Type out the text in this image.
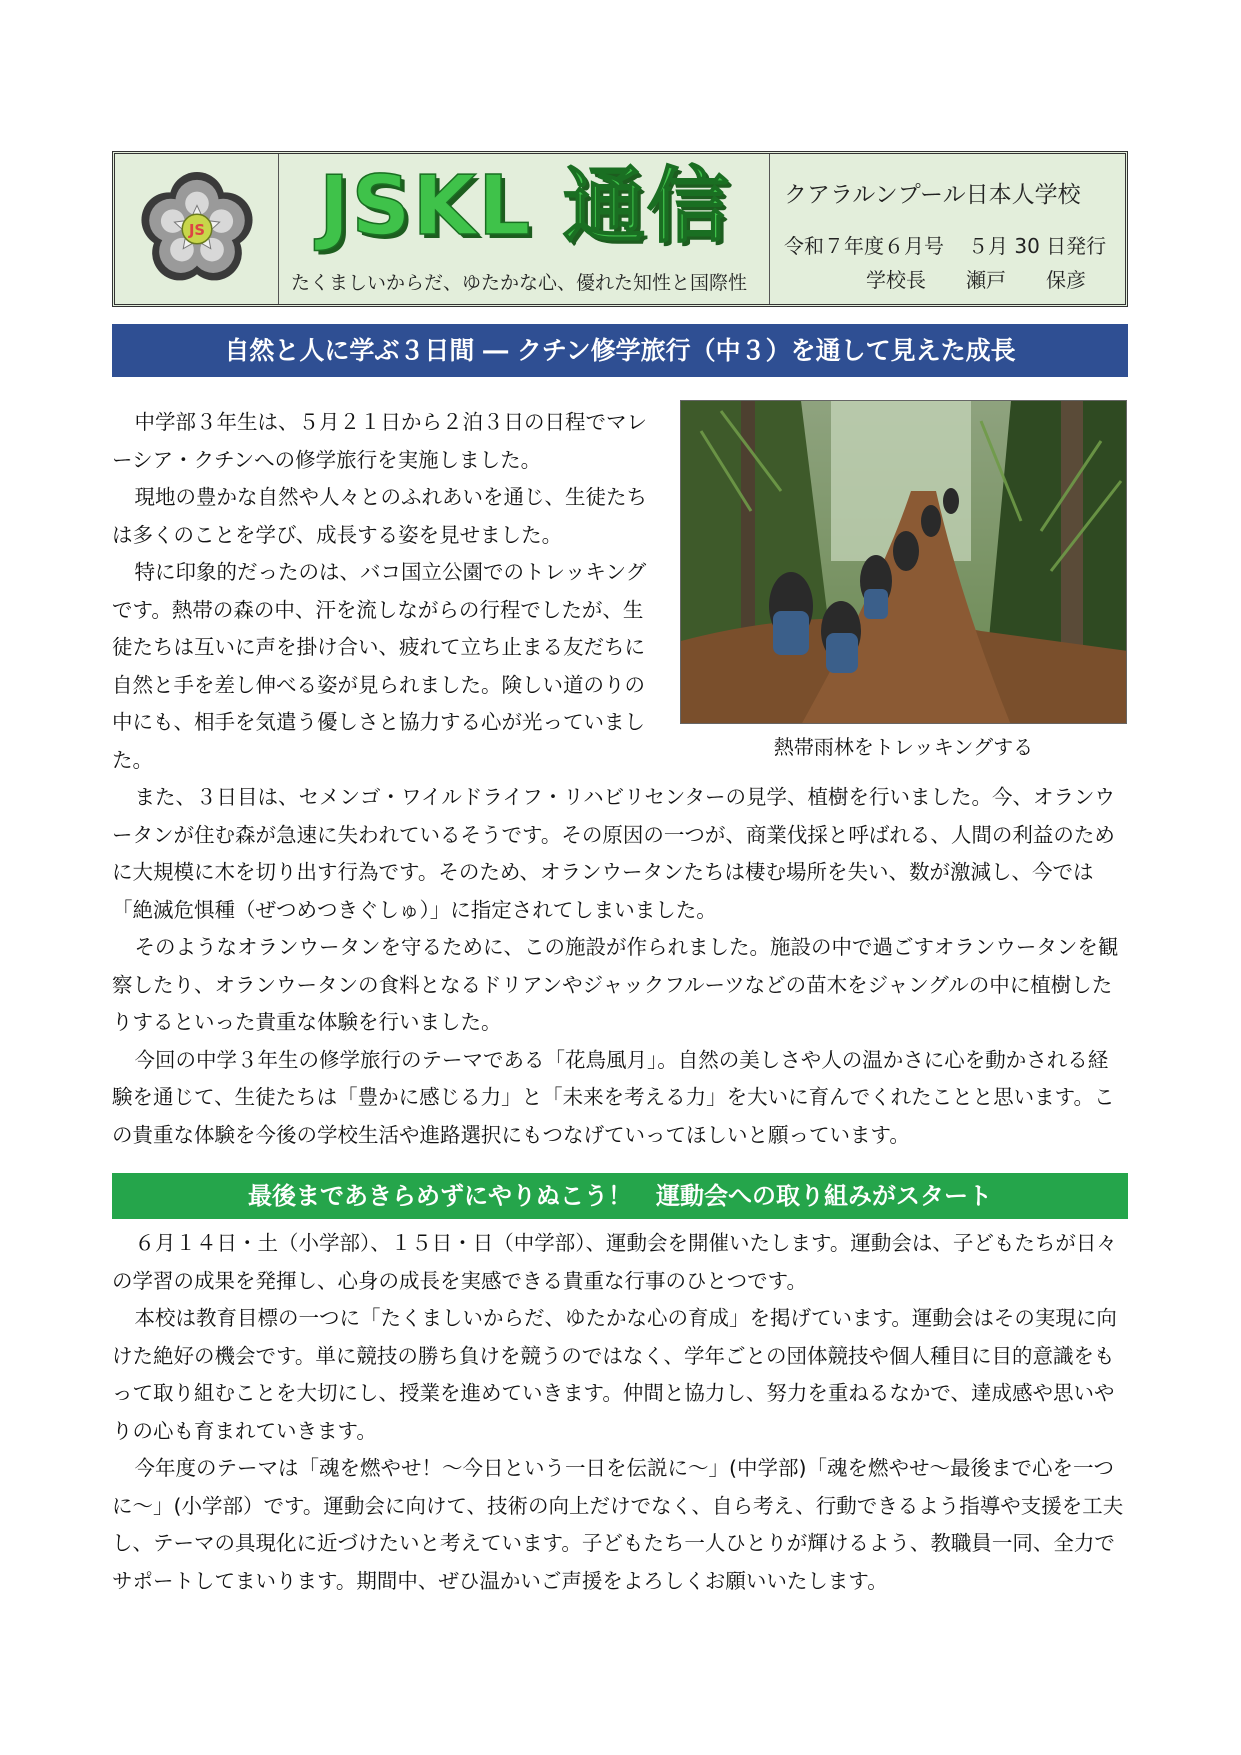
JS JSKL 通信
たくましいからだ、ゆたかな心、優れた知性と国際性
クアラルンプール日本人学校
令和７年度６月号 ５月 30 日発行
学校長 瀬戸　　保彦
自然と人に学ぶ３日間 ― クチン修学旅行（中３）を通して見えた成長

中学部３年生は、５月２１日から２泊３日の日程でマレーシア・クチンへの修学旅行を実施しました。

現地の豊かな自然や人々とのふれあいを通じ、生徒たちは多くのことを学び、成長する姿を見せました。

特に印象的だったのは、バコ国立公園でのトレッキングです。熱帯の森の中、汗を流しながらの行程でしたが、生徒たちは互いに声を掛け合い、疲れて立ち止まる友だちに自然と手を差し伸べる姿が見られました。険しい道のりの中にも、相手を気遣う優しさと協力する心が光っていました。

熱帯雨林をトレッキングする

また、３日目は、セメンゴ・ワイルドライフ・リハビリセンターの見学、植樹を行いました。今、オランウータンが住む森が急速に失われているそうです。その原因の一つが、商業伐採と呼ばれる、人間の利益のために大規模に木を切り出す行為です。そのため、オランウータンたちは棲む場所を失い、数が激減し、今では「絶滅危惧種（ぜつめつきぐしゅ）」に指定されてしまいました。

そのようなオランウータンを守るために、この施設が作られました。施設の中で過ごすオランウータンを観察したり、オランウータンの食料となるドリアンやジャックフルーツなどの苗木をジャングルの中に植樹したりするといった貴重な体験を行いました。

今回の中学３年生の修学旅行のテーマである「花鳥風月」。自然の美しさや人の温かさに心を動かされる経験を通じて、生徒たちは「豊かに感じる力」と「未来を考える力」を大いに育んでくれたことと思います。この貴重な体験を今後の学校生活や進路選択にもつなげていってほしいと願っています。

最後まであきらめずにやりぬこう！　運動会への取り組みがスタート

６月１４日・土（小学部）、１５日・日（中学部）、運動会を開催いたします。運動会は、子どもたちが日々の学習の成果を発揮し、心身の成長を実感できる貴重な行事のひとつです。

本校は教育目標の一つに「たくましいからだ、ゆたかな心の育成」を掲げています。運動会はその実現に向けた絶好の機会です。単に競技の勝ち負けを競うのではなく、学年ごとの団体競技や個人種目に目的意識をもって取り組むことを大切にし、授業を進めていきます。仲間と協力し、努力を重ねるなかで、達成感や思いやりの心も育まれていきます。

今年度のテーマは「魂を燃やせ！～今日という一日を伝説に～」(中学部)「魂を燃やせ～最後まで心を一つに～」(小学部）です。運動会に向けて、技術の向上だけでなく、自ら考え、行動できるよう指導や支援を工夫し、テーマの具現化に近づけたいと考えています。子どもたち一人ひとりが輝けるよう、教職員一同、全力でサポートしてまいります。期間中、ぜひ温かいご声援をよろしくお願いいたします。
